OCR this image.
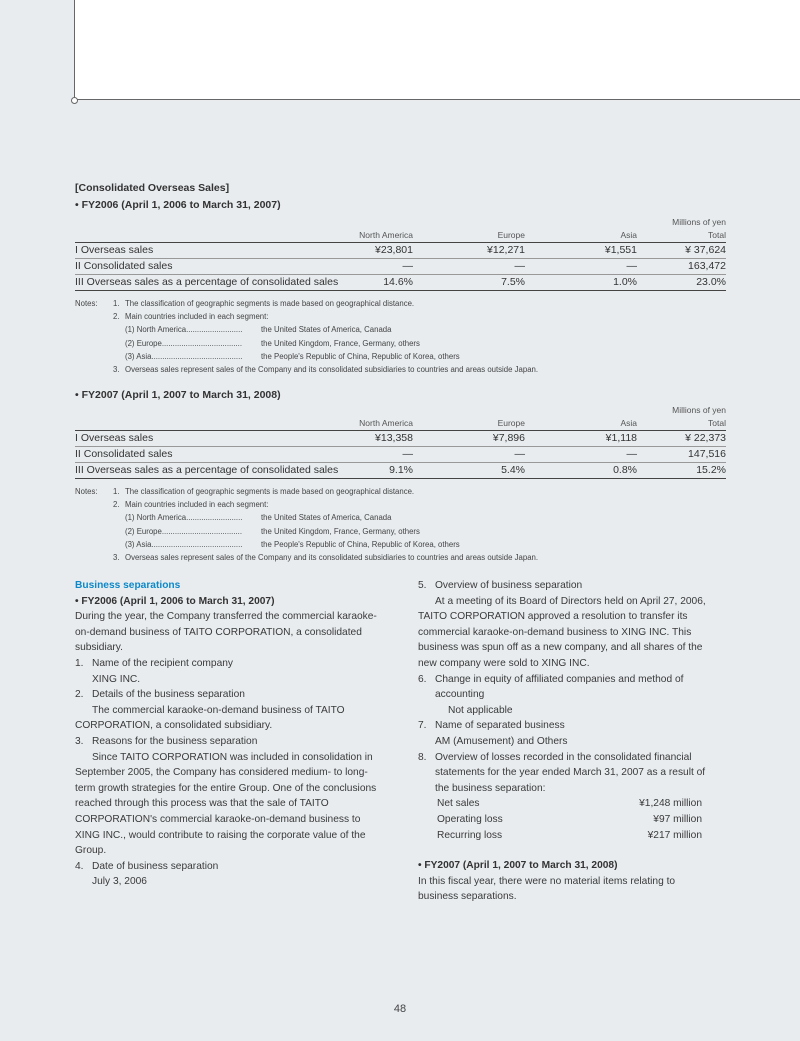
[Consolidated Overseas Sales]
• FY2006 (April 1, 2006 to March 31, 2007)
Millions of yen
North America	Europe	Asia	Total
I Overseas sales	¥23,801	¥12,271	¥1,551	¥ 37,624
II Consolidated sales	—	—	—	163,472
III Overseas sales as a percentage of consolidated sales	14.6%	7.5%	1.0%	23.0%
Notes:	1. The classification of geographic segments is made based on geographical distance.
2. Main countries included in each segment:
(1) North America..........................	the United States of America, Canada
(2) Europe.....................................	the United Kingdom, France, Germany, others
(3) Asia..........................................	the People's Republic of China, Republic of Korea, others
3. Overseas sales represent sales of the Company and its consolidated subsidiaries to countries and areas outside Japan.
• FY2007 (April 1, 2007 to March 31, 2008)
Millions of yen
North America	Europe	Asia	Total
I Overseas sales	¥13,358	¥7,896	¥1,118	¥ 22,373
II Consolidated sales	—	—	—	147,516
III Overseas sales as a percentage of consolidated sales	9.1%	5.4%	0.8%	15.2%
Notes:	1. The classification of geographic segments is made based on geographical distance.
2. Main countries included in each segment:
(1) North America..........................	the United States of America, Canada
(2) Europe.....................................	the United Kingdom, France, Germany, others
(3) Asia..........................................	the People's Republic of China, Republic of Korea, others
3. Overseas sales represent sales of the Company and its consolidated subsidiaries to countries and areas outside Japan.
Business separations
• FY2006 (April 1, 2006 to March 31, 2007)
During the year, the Company transferred the commercial karaoke-on-demand business of TAITO CORPORATION, a consolidated subsidiary.
1. Name of the recipient company
XING INC.
2. Details of the business separation
The commercial karaoke-on-demand business of TAITO
CORPORATION, a consolidated subsidiary.
3. Reasons for the business separation
Since TAITO CORPORATION was included in consolidation in
September 2005, the Company has considered medium- to long-term growth strategies for the entire Group. One of the conclusions reached through this process was that the sale of TAITO CORPORATION's commercial karaoke-on-demand business to XING INC., would contribute to raising the corporate value of the Group.
4. Date of business separation
July 3, 2006
5. Overview of business separation
At a meeting of its Board of Directors held on April 27, 2006,
TAITO CORPORATION approved a resolution to transfer its commercial karaoke-on-demand business to XING INC. This business was spun off as a new company, and all shares of the new company were sold to XING INC.
6. Change in equity of affiliated companies and method of accounting
Not applicable
7. Name of separated business
AM (Amusement) and Others
8. Overview of losses recorded in the consolidated financial statements for the year ended March 31, 2007 as a result of the business separation:
Net sales	¥1,248 million
Operating loss	¥97 million
Recurring loss	¥217 million
• FY2007 (April 1, 2007 to March 31, 2008)
In this fiscal year, there were no material items relating to business separations.
48
